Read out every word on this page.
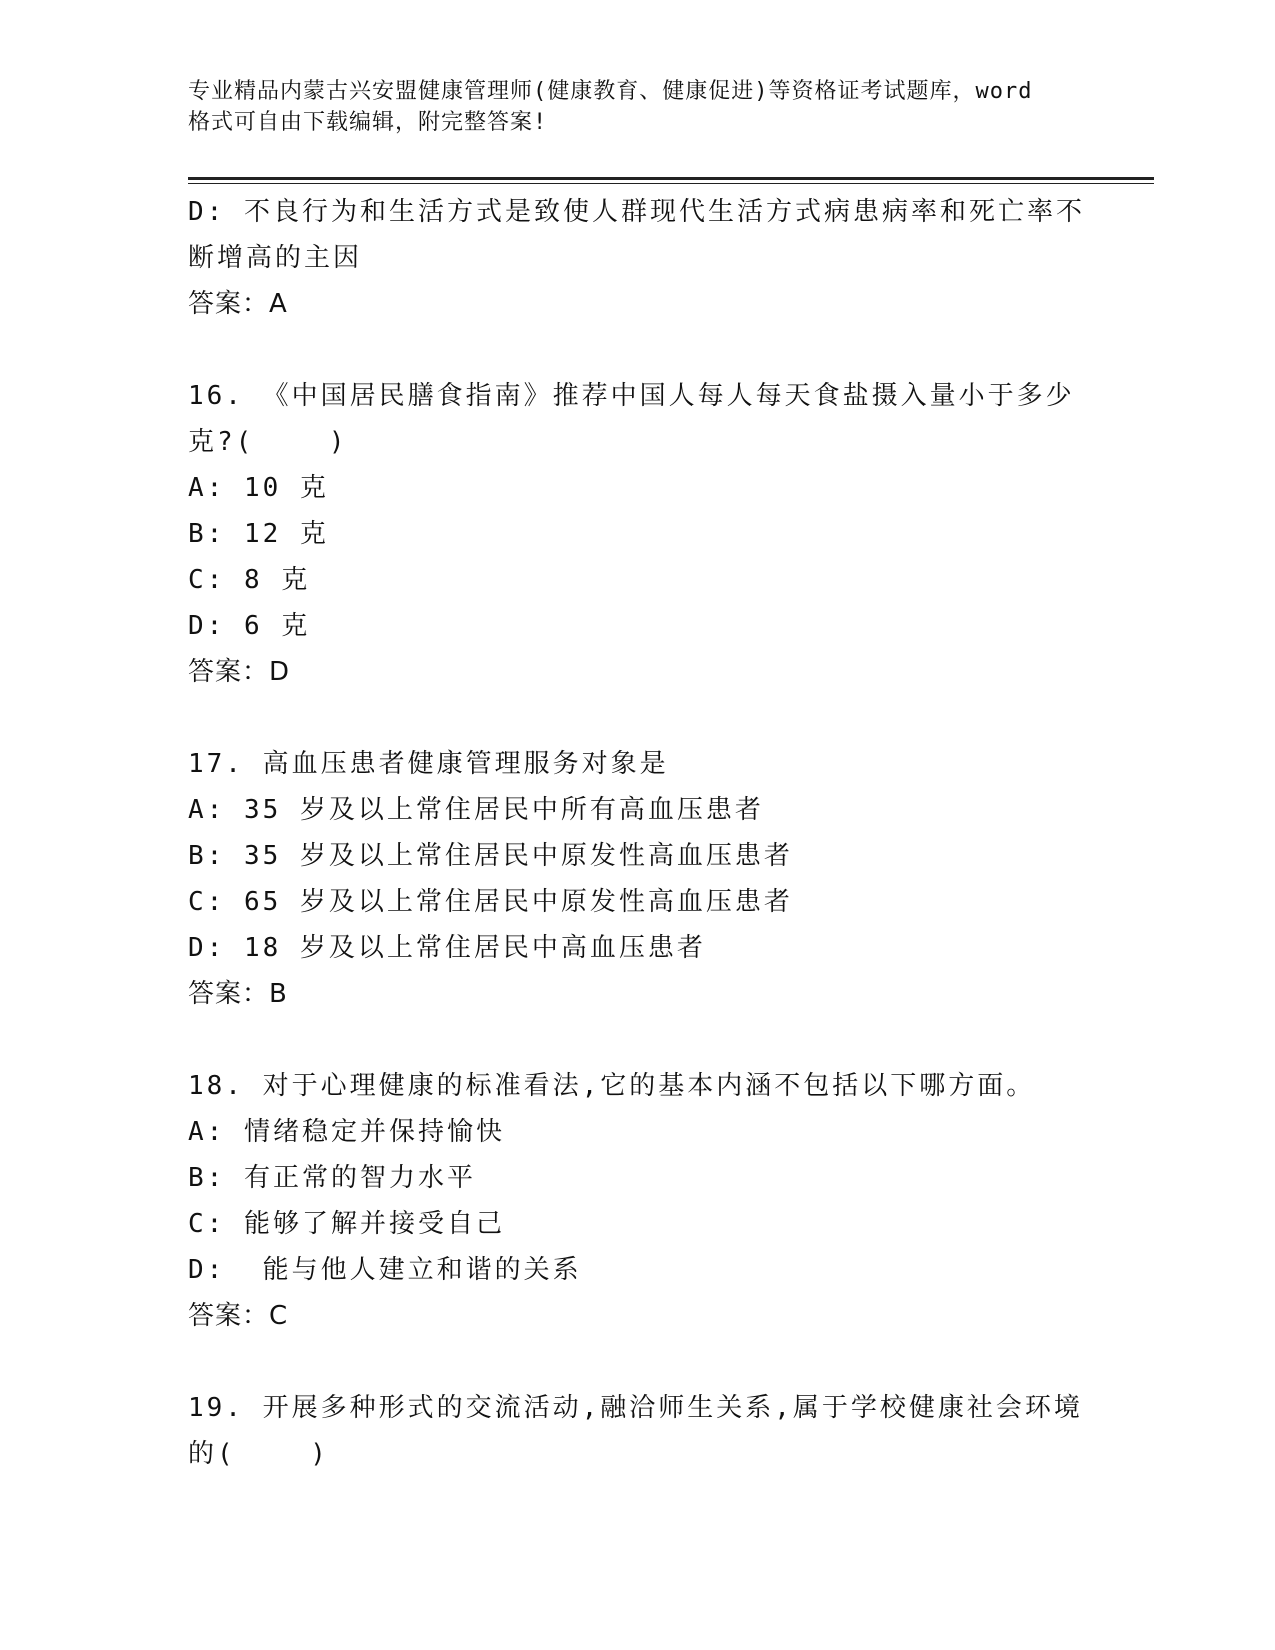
专业精品内蒙古兴安盟健康管理师(健康教育、健康促进)等资格证考试题库，word
格式可自由下载编辑，附完整答案!
D: 不良行为和生活方式是致使人群现代生活方式病患病率和死亡率不
断增高的主因
答案：A
16. 《中国居民膳食指南》推荐中国人每人每天食盐摄入量小于多少
克?(    )
A: 10 克
B: 12 克
C: 8 克
D: 6 克
答案：D
17. 高血压患者健康管理服务对象是
A: 35 岁及以上常住居民中所有高血压患者
B: 35 岁及以上常住居民中原发性高血压患者
C: 65 岁及以上常住居民中原发性高血压患者
D: 18 岁及以上常住居民中高血压患者
答案：B
18. 对于心理健康的标准看法,它的基本内涵不包括以下哪方面。
A: 情绪稳定并保持愉快
B: 有正常的智力水平
C: 能够了解并接受自己
D:  能与他人建立和谐的关系
答案：C
19. 开展多种形式的交流活动,融洽师生关系,属于学校健康社会环境
的(    )
